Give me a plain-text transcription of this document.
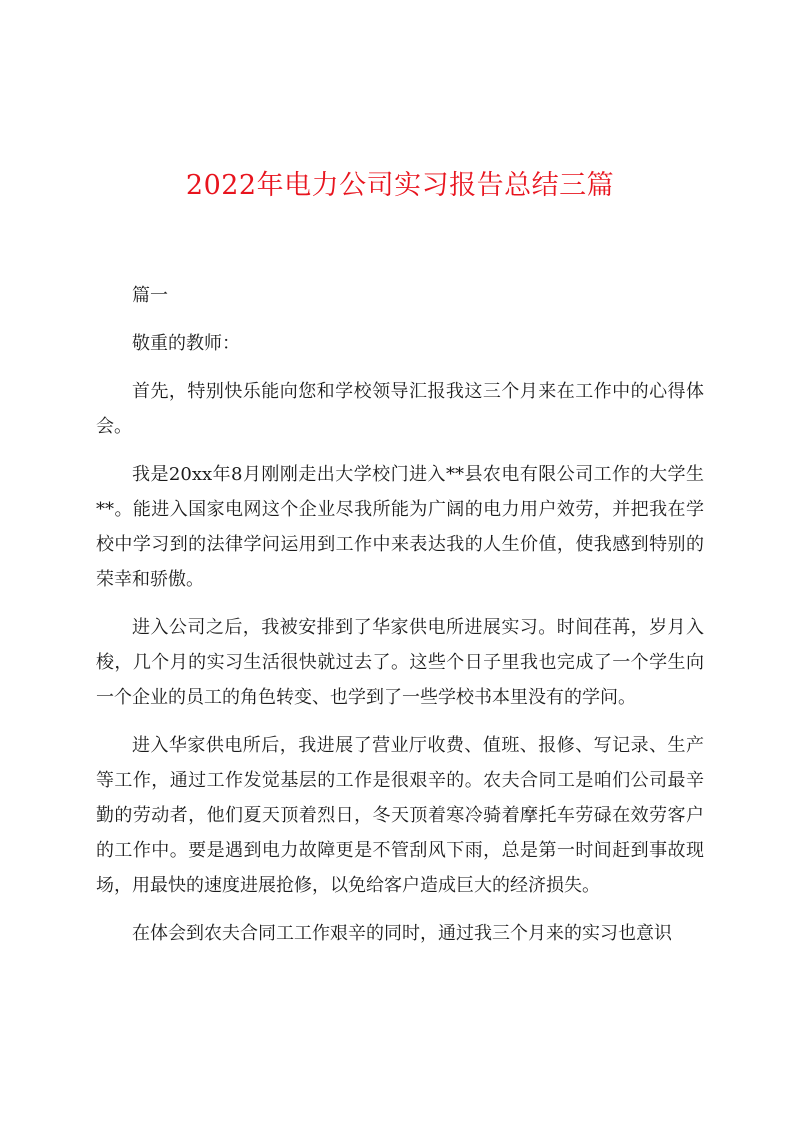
2022年电力公司实习报告总结三篇

篇一

敬重的教师：

首先，特别快乐能向您和学校领导汇报我这三个月来在工作中的心得体会。

我是20xx年8月刚刚走出大学校门进入**县农电有限公司工作的大学生**。能进入国家电网这个企业尽我所能为广阔的电力用户效劳，并把我在学校中学习到的法律学问运用到工作中来表达我的人生价值，使我感到特别的荣幸和骄傲。

进入公司之后，我被安排到了华家供电所进展实习。时间荏苒，岁月入梭，几个月的实习生活很快就过去了。这些个日子里我也完成了一个学生向一个企业的员工的角色转变、也学到了一些学校书本里没有的学问。

进入华家供电所后，我进展了营业厅收费、值班、报修、写记录、生产等工作，通过工作发觉基层的工作是很艰辛的。农夫合同工是咱们公司最辛勤的劳动者，他们夏天顶着烈日，冬天顶着寒冷骑着摩托车劳碌在效劳客户的工作中。要是遇到电力故障更是不管刮风下雨，总是第一时间赶到事故现场，用最快的速度进展抢修，以免给客户造成巨大的经济损失。

在体会到农夫合同工工作艰辛的同时，通过我三个月来的实习也意识
